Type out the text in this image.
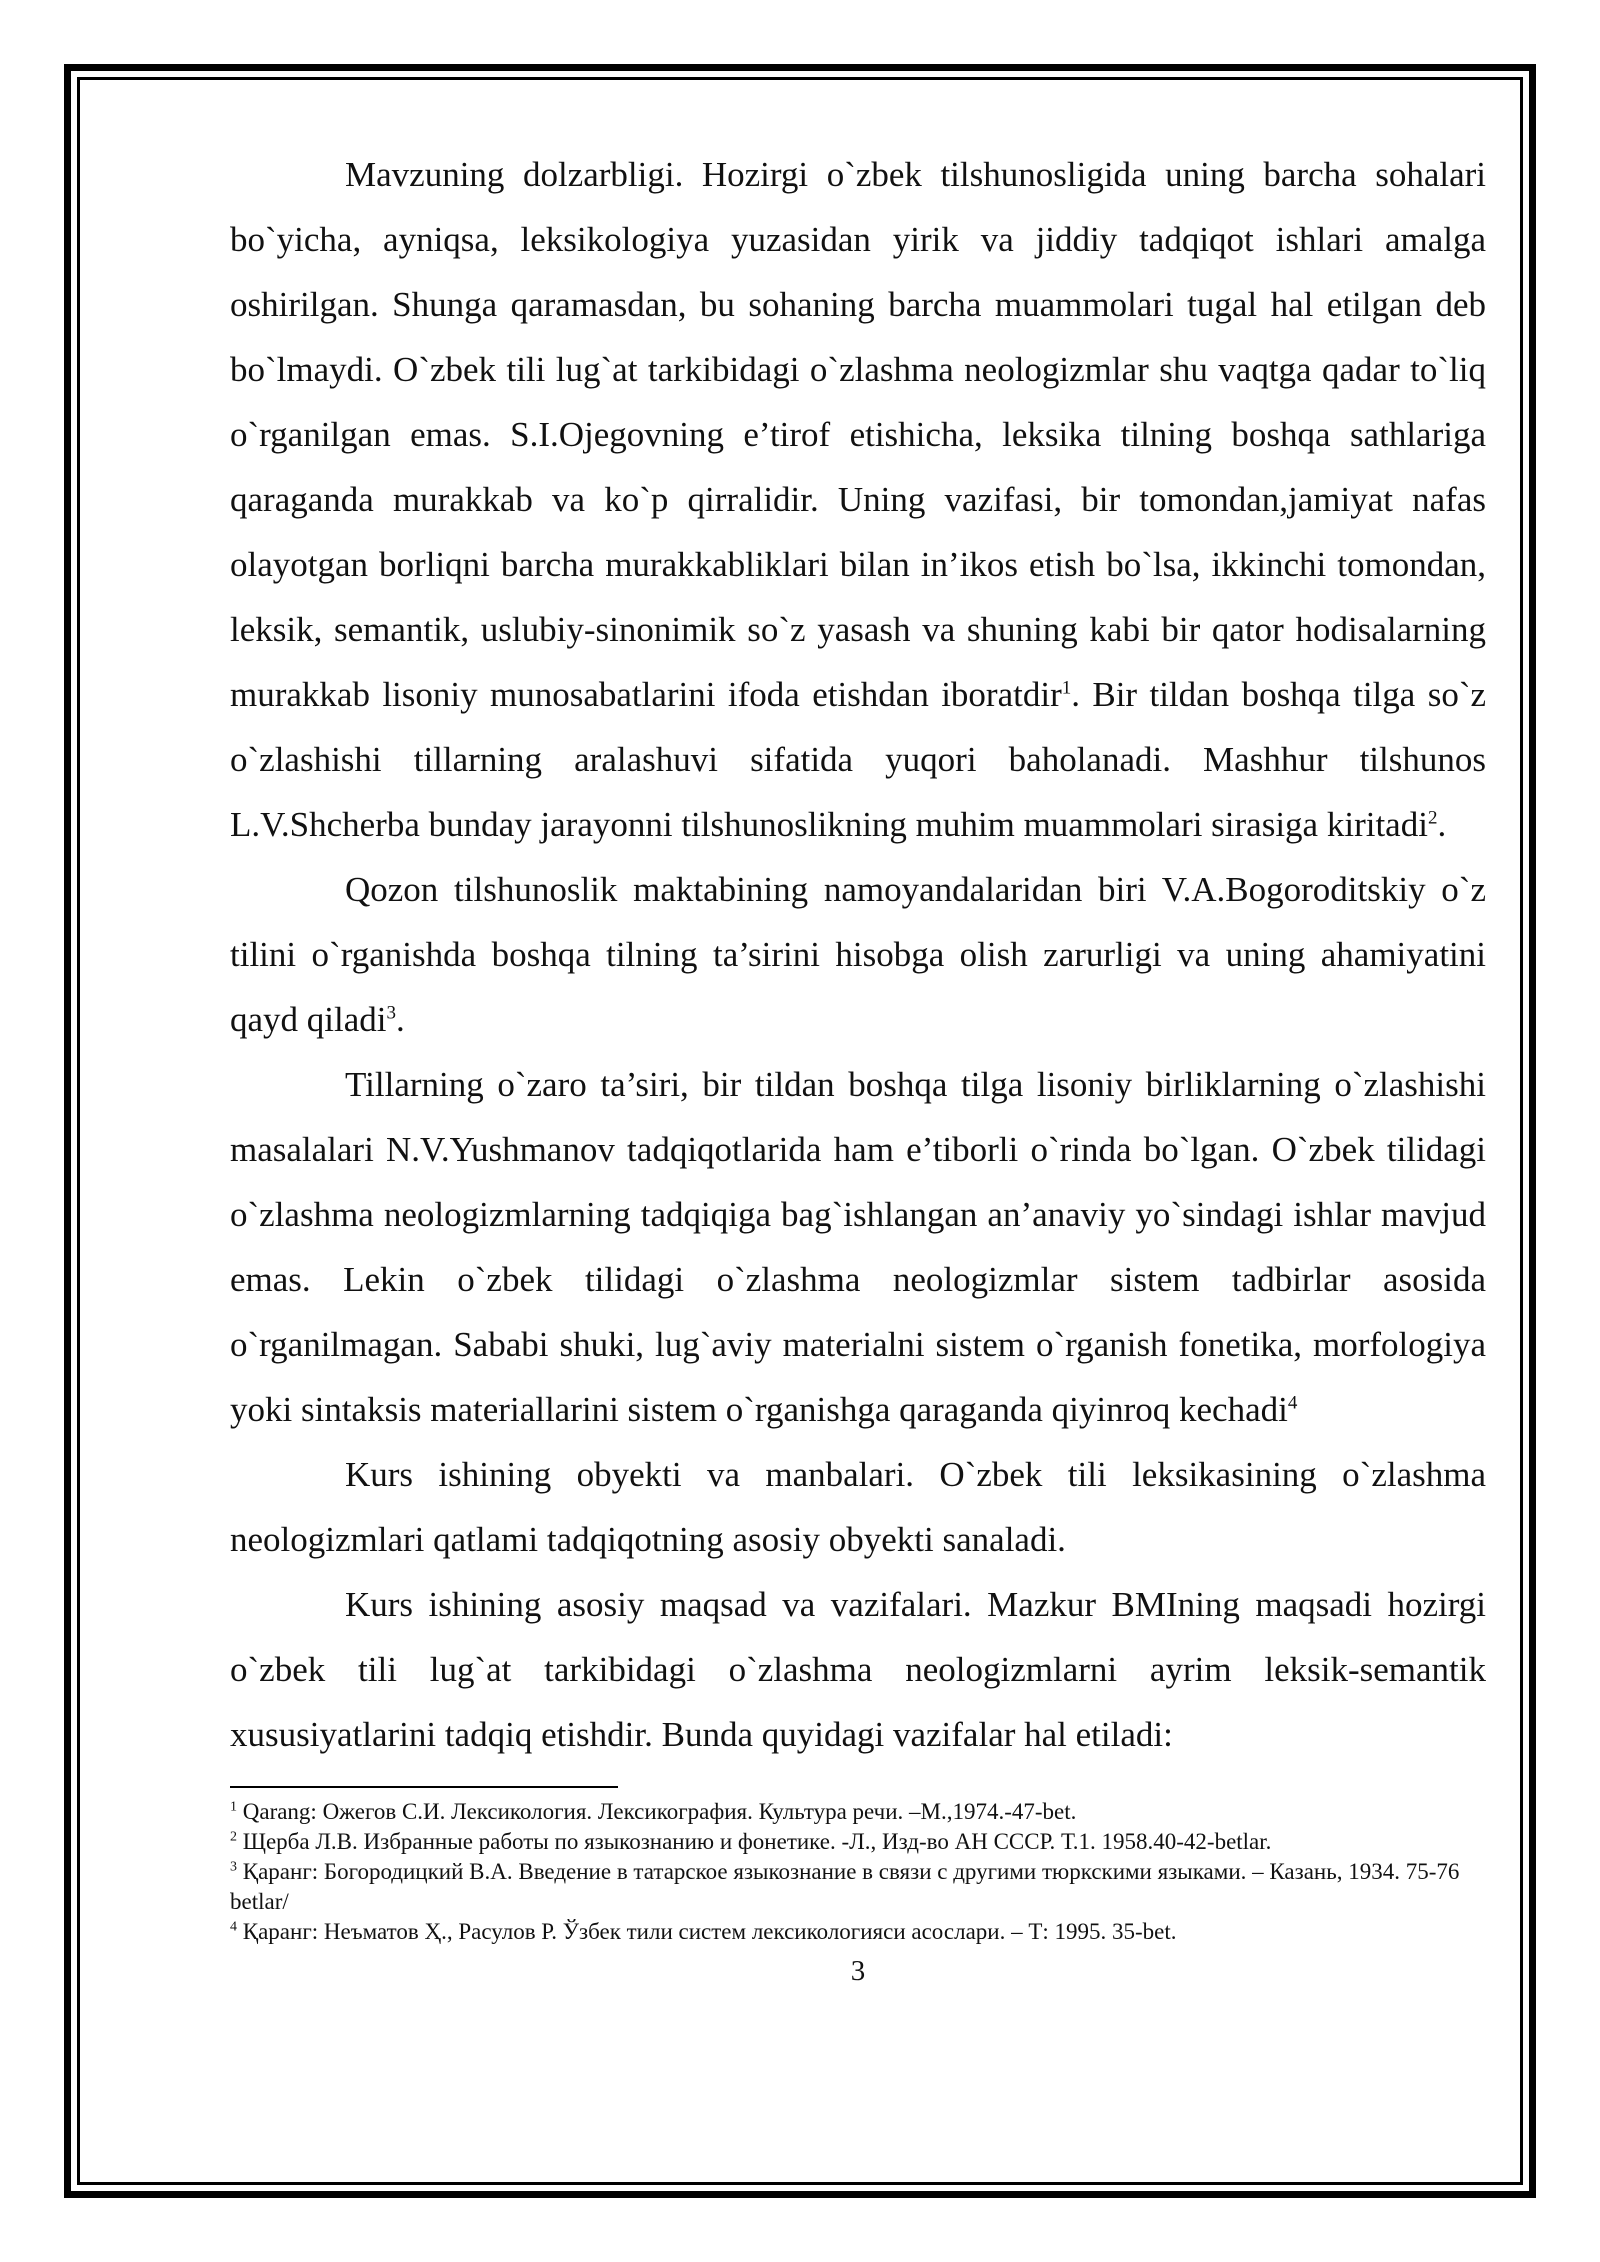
Mavzuning dolzarbligi. Hozirgi o`zbek tilshunosligida uning barcha sohalari bo`yicha, ayniqsa, leksikologiya yuzasidan yirik va jiddiy tadqiqot ishlari amalga oshirilgan. Shunga qaramasdan, bu sohaning barcha muammolari tugal hal etilgan deb bo`lmaydi. O`zbek tili lug`at tarkibidagi o`zlashma neologizmlar shu vaqtga qadar to`liq o`rganilgan emas. S.I.Ojegovning e’tirof etishicha, leksika tilning boshqa sathlariga qaraganda murakkab va ko`p qirralidir. Uning vazifasi, bir tomondan,jamiyat nafas olayotgan borliqni barcha murakkabliklari bilan in’ikos etish bo`lsa, ikkinchi tomondan, leksik, semantik, uslubiy-sinonimik so`z yasash va shuning kabi bir qator hodisalarning murakkab lisoniy munosabatlarini ifoda etishdan iboratdir$^1$. Bir tildan boshqa tilga so`z o`zlashishi tillarning aralashuvi sifatida yuqori baholanadi. Mashhur tilshunos L.V.Shcherba bunday jarayonni tilshunoslikning muhim muammolari sirasiga kiritadi$^2$.

Qozon tilshunoslik maktabining namoyandalaridan biri V.A.Bogoroditskiy o`z tilini o`rganishda boshqa tilning ta’sirini hisobga olish zarurligi va uning ahamiyatini qayd qiladi$^3$.

Tillarning o`zaro ta’siri, bir tildan boshqa tilga lisoniy birliklarning o`zlashishi masalalari N.V.Yushmanov tadqiqotlarida ham e’tiborli o`rinda bo`lgan. O`zbek tilidagi o`zlashma neologizmlarning tadqiqiga bag`ishlangan an’anaviy yo`sindagi ishlar mavjud emas. Lekin o`zbek tilidagi o`zlashma neologizmlar sistem tadbirlar asosida o`rganilmagan. Sababi shuki, lug`aviy materialni sistem o`rganish fonetika, morfologiya yoki sintaksis materiallarini sistem o`rganishga qaraganda qiyinroq kechadi$^4$

Kurs ishining obyekti va manbalari. O`zbek tili leksikasining o`zlashma neologizmlari qatlami tadqiqotning asosiy obyekti sanaladi.

Kurs ishining asosiy maqsad va vazifalari. Mazkur BMIning maqsadi hozirgi o`zbek tili lug`at tarkibidagi o`zlashma neologizmlarni ayrim leksik-semantik xususiyatlarini tadqiq etishdir. Bunda quyidagi vazifalar hal etiladi:

$^1$ Qarang: Ожегов С.И. Лексикология. Лексикография. Культура речи. –М.,1974.-47-bet.

$^2$ Щерба Л.В. Избранные работы по языкознанию и фонетике. -Л., Изд-во АН СССР. Т.1. 1958.40-42-betlar.

$^3$ Қаранг: Богородицкий В.А. Введение в татарское языкознание в связи с другими тюркскими языками. – Казань, 1934. 75-76 betlar/

$^4$ Қаранг: Неъматов Ҳ., Расулов Р. Ўзбек тили систем лексикологияси асослари. – Т: 1995. 35-bet.

3
